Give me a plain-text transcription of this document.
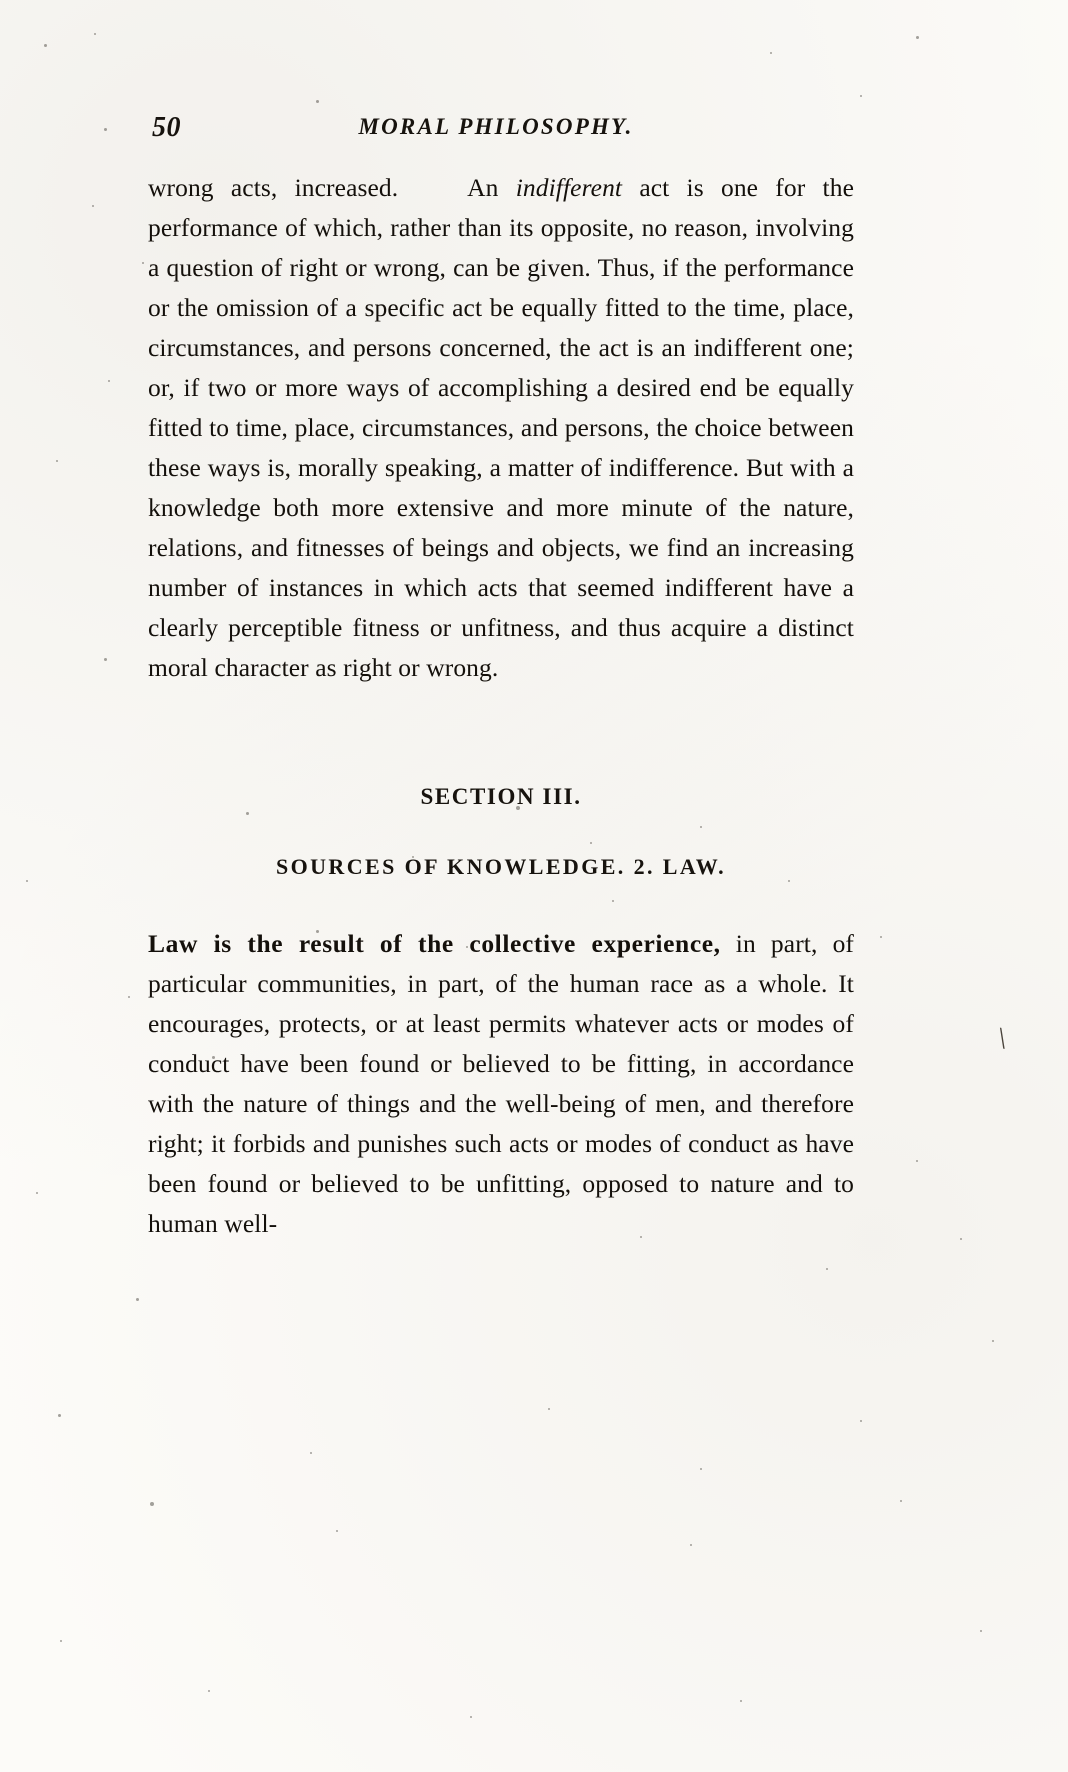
50	MORAL PHILOSOPHY.

wrong acts, increased.	An indifferent act is one for the performance of which, rather than its opposite, no reason, involving a question of right or wrong, can be given. Thus, if the performance or the omission of a specific act be equally fitted to the time, place, circumstances, and persons concerned, the act is an indifferent one; or, if two or more ways of accomplishing a desired end be equally fitted to time, place, circumstances, and persons, the choice between these ways is, morally speaking, a matter of indifference. But with a knowledge both more extensive and more minute of the nature, relations, and fitnesses of beings and objects, we find an increasing number of instances in which acts that seemed indifferent have a clearly perceptible fitness or unfitness, and thus acquire a distinct moral character as right or wrong.

SECTION III.

SOURCES OF KNOWLEDGE. 2. LAW.

Law is the result of the collective experience, in part, of particular communities, in part, of the human race as a whole. It encourages, protects, or at least permits whatever acts or modes of conduct have been found or believed to be fitting, in accordance with the nature of things and the well-being of men, and therefore right; it forbids and punishes such acts or modes of conduct as have been found or believed to be unfitting, opposed to nature and to human well-

\
